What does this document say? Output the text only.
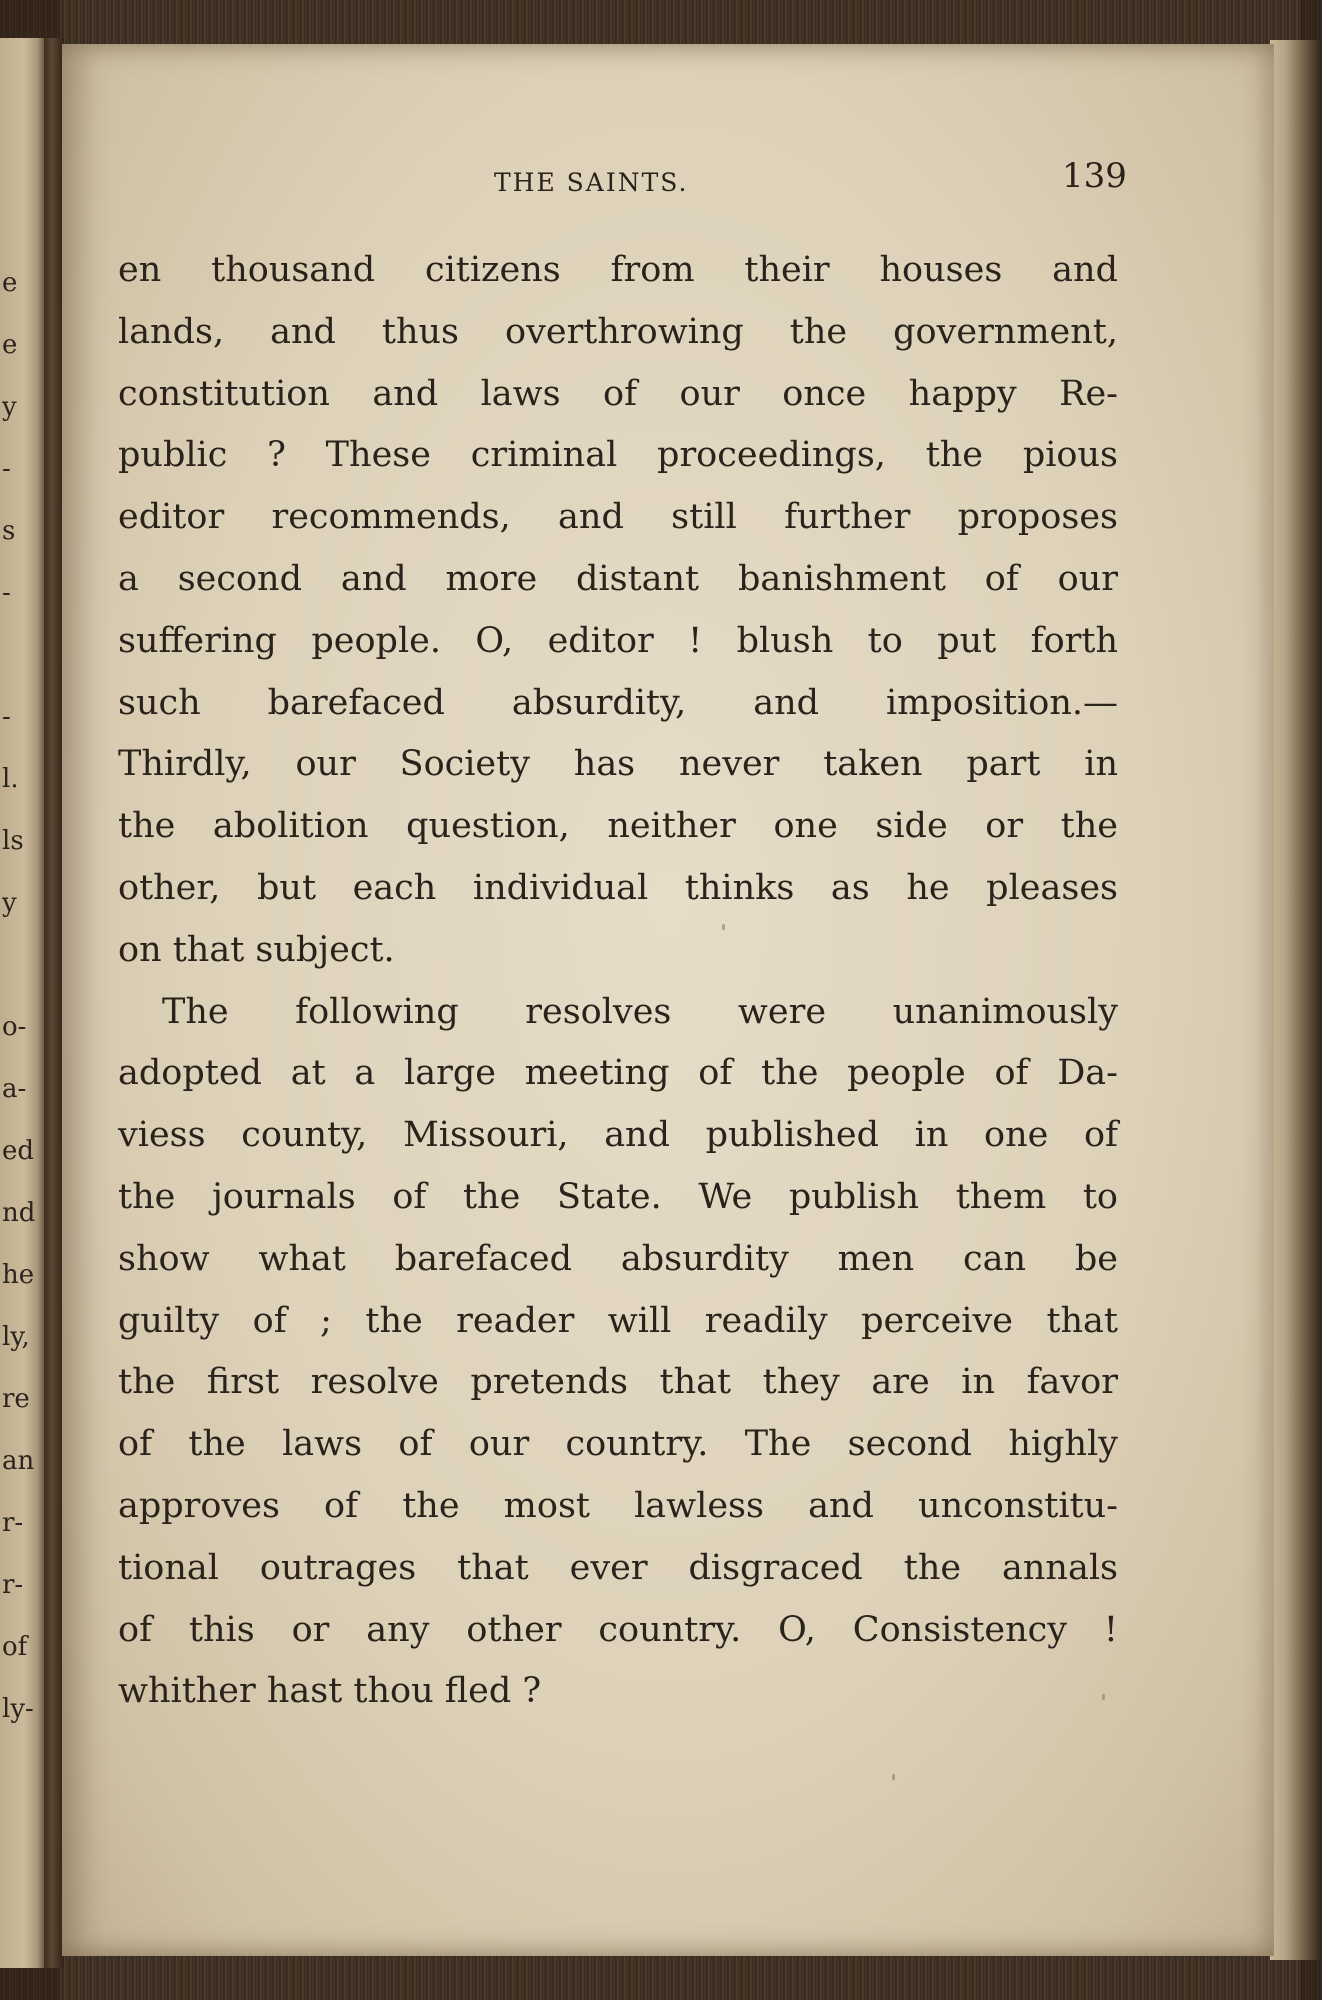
e
e
y
-
s
-
-
l.
ls
y
o-
a-
ed
nd
he
ly,
re
an
r-
r-
of
ly-
THE SAINTS.	139
en thousand citizens from their houses and
lands, and thus overthrowing the government,
constitution and laws of our once happy Re-
public ? These criminal proceedings, the pious
editor recommends, and still further proposes
a second and more distant banishment of our
suffering people. O, editor ! blush to put forth
such barefaced absurdity, and imposition.—
Thirdly, our Society has never taken part in
the abolition question, neither one side or the
other, but each individual thinks as he pleases
on that subject.
The following resolves were unanimously
adopted at a large meeting of the people of Da-
viess county, Missouri, and published in one of
the journals of the State. We publish them to
show what barefaced absurdity men can be
guilty of ; the reader will readily perceive that
the first resolve pretends that they are in favor
of the laws of our country. The second highly
approves of the most lawless and unconstitu-
tional outrages that ever disgraced the annals
of this or any other country. O, Consistency !
whither hast thou fled ?
